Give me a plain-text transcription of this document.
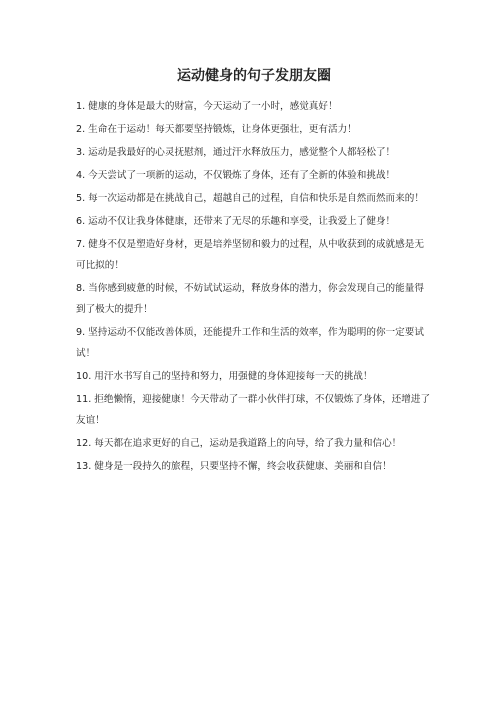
运动健身的句子发朋友圈
1. 健康的身体是最大的财富，今天运动了一小时，感觉真好！
2. 生命在于运动！每天都要坚持锻炼，让身体更强壮，更有活力！
3. 运动是我最好的心灵抚慰剂，通过汗水释放压力，感觉整个人都轻松了！
4. 今天尝试了一项新的运动，不仅锻炼了身体，还有了全新的体验和挑战！
5. 每一次运动都是在挑战自己，超越自己的过程，自信和快乐是自然而然而来的！
6. 运动不仅让我身体健康，还带来了无尽的乐趣和享受，让我爱上了健身！
7. 健身不仅是塑造好身材，更是培养坚韧和毅力的过程，从中收获到的成就感是无可比拟的！
8. 当你感到疲惫的时候，不妨试试运动，释放身体的潜力，你会发现自己的能量得到了极大的提升！
9. 坚持运动不仅能改善体质，还能提升工作和生活的效率，作为聪明的你一定要试试！
10. 用汗水书写自己的坚持和努力，用强健的身体迎接每一天的挑战！
11. 拒绝懒惰，迎接健康！今天带动了一群小伙伴打球，不仅锻炼了身体，还增进了友谊！
12. 每天都在追求更好的自己，运动是我道路上的向导，给了我力量和信心！
13. 健身是一段持久的旅程，只要坚持不懈，终会收获健康、美丽和自信！
